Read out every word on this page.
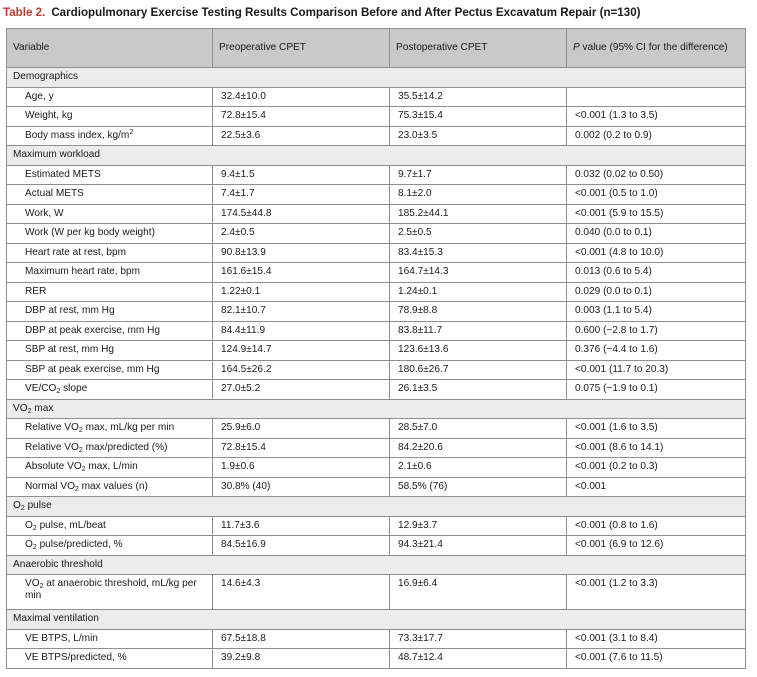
Table 2. Cardiopulmonary Exercise Testing Results Comparison Before and After Pectus Excavatum Repair (n=130)
Variable	Preoperative CPET	Postoperative CPET	P value (95% CI for the difference)
Demographics			
Age, y	32.4±10.0	35.5±14.2	
Weight, kg	72.8±15.4	75.3±15.4	<0.001 (1.3 to 3.5)
Body mass index, $kg/m^2$	22.5±3.6	23.0±3.5	0.002 (0.2 to 0.9)
Maximum workload			
Estimated METS	9.4±1.5	9.7±1.7	0.032 (0.02 to 0.50)
Actual METS	7.4±1.7	8.1±2.0	<0.001 (0.5 to 1.0)
Work, W	174.5±44.8	185.2±44.1	<0.001 (5.9 to 15.5)
Work (W per kg body weight)	2.4±0.5	2.5±0.5	0.040 (0.0 to 0.1)
Heart rate at rest, bpm	90.8±13.9	83.4±15.3	<0.001 (4.8 to 10.0)
Maximum heart rate, bpm	161.6±15.4	164.7±14.3	0.013 (0.6 to 5.4)
RER	1.22±0.1	1.24±0.1	0.029 (0.0 to 0.1)
DBP at rest, mm Hg	82.1±10.7	78.9±8.8	0.003 (1.1 to 5.4)
DBP at peak exercise, mm Hg	84.4±11.9	83.8±11.7	0.600 (−2.8 to 1.7)
SBP at rest, mm Hg	124.9±14.7	123.6±13.6	0.376 (−4.4 to 1.6)
SBP at peak exercise, mm Hg	164.5±26.2	180.6±26.7	<0.001 (11.7 to 20.3)
$VE/CO_2$ slope	27.0±5.2	26.1±3.5	0.075 (−1.9 to 0.1)
$VO_2$ max			
Relative $VO_2$ max, mL/kg per min	25.9±6.0	28.5±7.0	<0.001 (1.6 to 3.5)
Relative $VO_2$ max/predicted (%)	72.8±15.4	84.2±20.6	<0.001 (8.6 to 14.1)
Absolute $VO_2$ max, L/min	1.9±0.6	2.1±0.6	<0.001 (0.2 to 0.3)
Normal $VO_2$ max values (n)	30.8% (40)	58.5% (76)	<0.001
$O_2$ pulse			
$O_2$ pulse, mL/beat	11.7±3.6	12.9±3.7	<0.001 (0.8 to 1.6)
$O_2$ pulse/predicted, %	84.5±16.9	94.3±21.4	<0.001 (6.9 to 12.6)
Anaerobic threshold			
$VO_2$ at anaerobic threshold, mL/kg per min	14.6±4.3	16.9±6.4	<0.001 (1.2 to 3.3)
Maximal ventilation			
VE BTPS, L/min	67.5±18.8	73.3±17.7	<0.001 (3.1 to 8.4)
VE BTPS/predicted, %	39.2±9.8	48.7±12.4	<0.001 (7.6 to 11.5)
